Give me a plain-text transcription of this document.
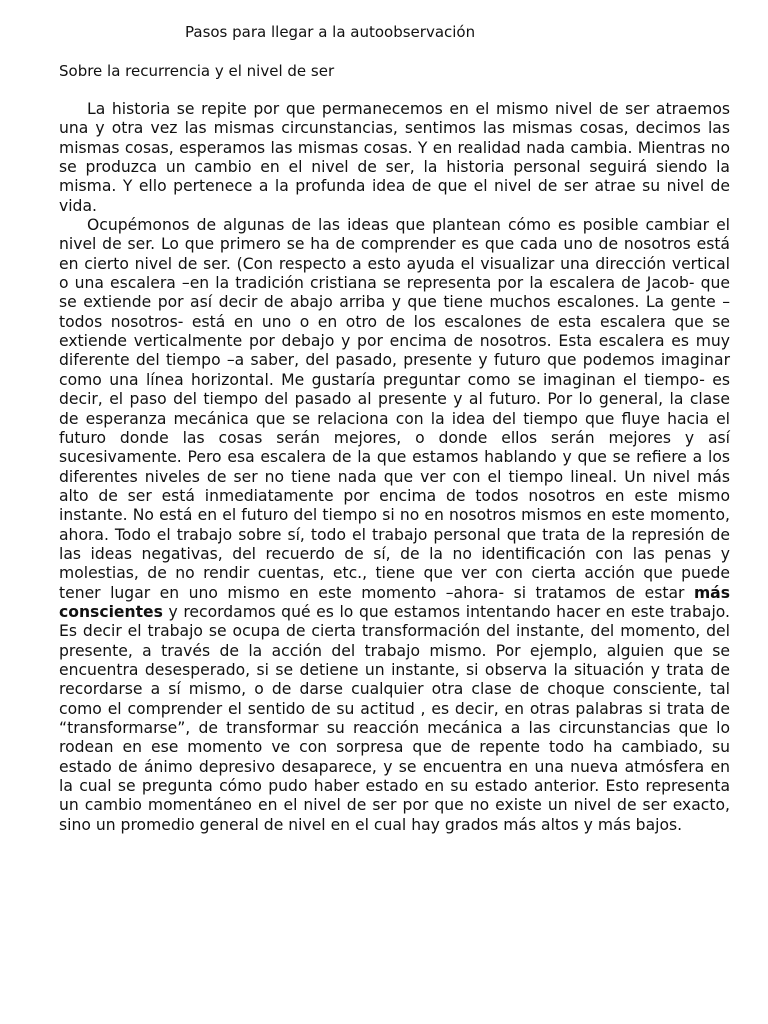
Pasos para llegar a la autoobservación
Sobre la recurrencia y el nivel de ser

La historia se repite por que permanecemos en el mismo nivel de ser atraemos una y otra vez las mismas circunstancias, sentimos las mismas cosas, decimos las mismas cosas, esperamos las mismas cosas. Y en realidad nada cambia. Mientras no se produzca un cambio en el nivel de ser, la historia personal seguirá siendo la misma. Y ello pertenece a la profunda idea de que el nivel de ser atrae su nivel de vida.

Ocupémonos de algunas de las ideas que plantean cómo es posible cambiar el nivel de ser. Lo que primero se ha de comprender es que cada uno de nosotros está en cierto nivel de ser. (Con respecto a esto ayuda el visualizar una dirección vertical o una escalera –en la tradición cristiana se representa por la escalera de Jacob- que se extiende por así decir de abajo arriba y que tiene muchos escalones. La gente –todos nosotros- está en uno o en otro de los escalones de esta escalera que se extiende verticalmente por debajo y por encima de nosotros. Esta escalera es muy diferente del tiempo –a saber, del pasado, presente y futuro que podemos imaginar como una línea horizontal. Me gustaría preguntar como se imaginan el tiempo- es decir, el paso del tiempo del pasado al presente y al futuro. Por lo general, la clase de esperanza mecánica que se relaciona con la idea del tiempo que fluye hacia el futuro donde las cosas serán mejores, o donde ellos serán mejores y así sucesivamente. Pero esa escalera de la que estamos hablando y que se refiere a los diferentes niveles de ser no tiene nada que ver con el tiempo lineal. Un nivel más alto de ser está inmediatamente por encima de todos nosotros en este mismo instante. No está en el futuro del tiempo si no en nosotros mismos en este momento, ahora. Todo el trabajo sobre sí, todo el trabajo personal que trata de la represión de las ideas negativas, del recuerdo de sí, de la no identificación con las penas y molestias, de no rendir cuentas, etc., tiene que ver con cierta acción que puede tener lugar en uno mismo en este momento –ahora- si tratamos de estar más conscientes y recordamos qué es lo que estamos intentando hacer en este trabajo. Es decir el trabajo se ocupa de cierta transformación del instante, del momento, del presente, a través de la acción del trabajo mismo. Por ejemplo, alguien que se encuentra desesperado, si se detiene un instante, si observa la situación y trata de recordarse a sí mismo, o de darse cualquier otra clase de choque consciente, tal como el comprender el sentido de su actitud , es decir, en otras palabras si trata de “transformarse”, de transformar su reacción mecánica a las circunstancias que lo rodean en ese momento ve con sorpresa que de repente todo ha cambiado, su estado de ánimo depresivo desaparece, y se encuentra en una nueva atmósfera en la cual se pregunta cómo pudo haber estado en su estado anterior. Esto representa un cambio momentáneo en el nivel de ser por que no existe un nivel de ser exacto, sino un promedio general de nivel en el cual hay grados más altos y más bajos.
